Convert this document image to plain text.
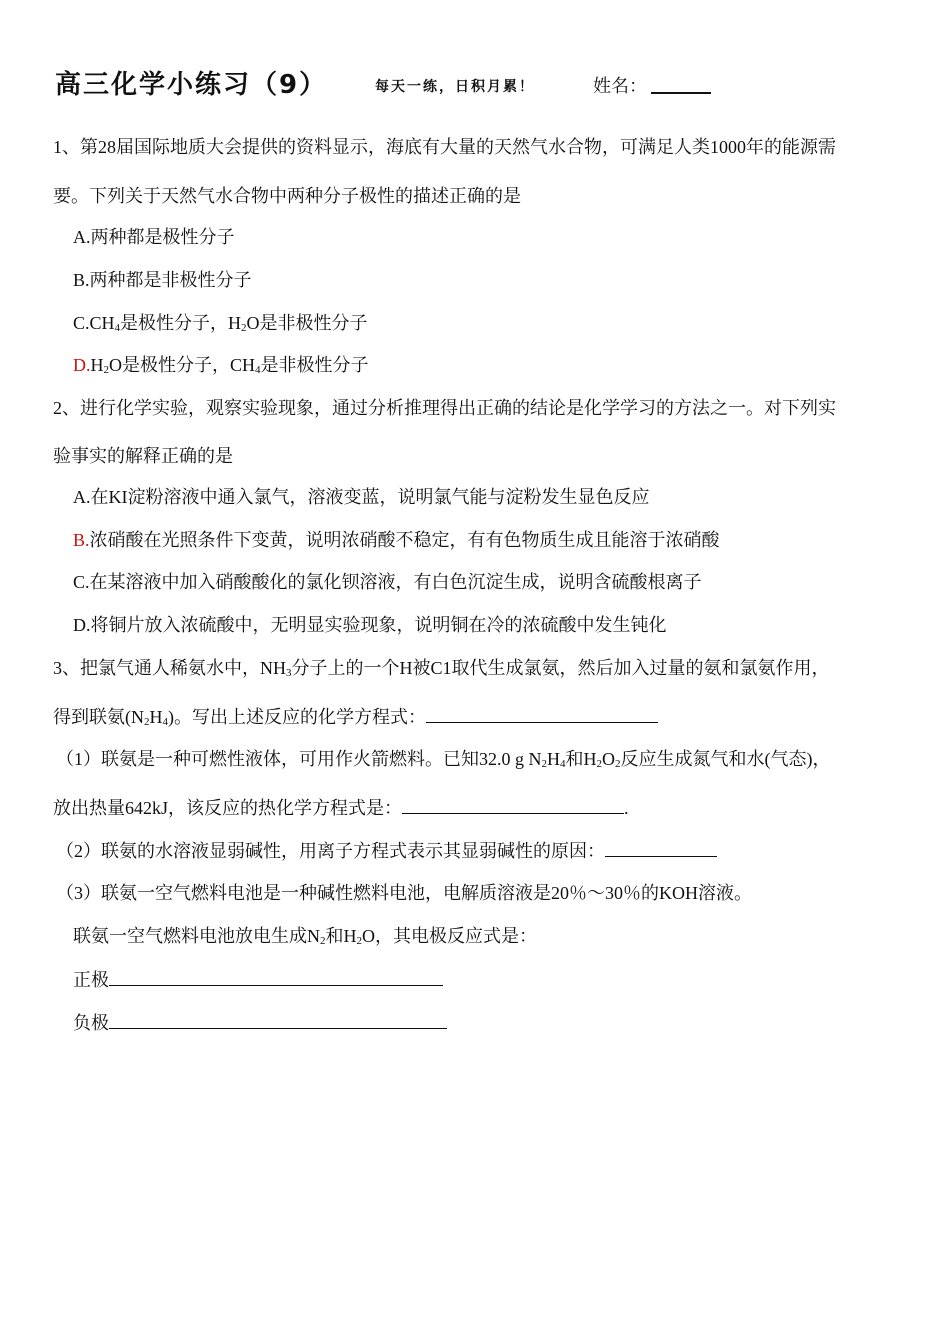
高三化学小练习（9）	每天一练，日积月累！	姓名：
1、第28届国际地质大会提供的资料显示，海底有大量的天然气水合物，可满足人类1000年的能源需
要。下列关于天然气水合物中两种分子极性的描述正确的是
A.两种都是极性分子
B.两种都是非极性分子
$C.CH_4$是极性分子，$H_2O$是非极性分子
$D.H_2O$是极性分子，$CH_4$是非极性分子
2、进行化学实验，观察实验现象，通过分析推理得出正确的结论是化学学习的方法之一。对下列实
验事实的解释正确的是
A.在KI淀粉溶液中通入氯气，溶液变蓝，说明氯气能与淀粉发生显色反应
B.浓硝酸在光照条件下变黄，说明浓硝酸不稳定，有有色物质生成且能溶于浓硝酸
C.在某溶液中加入硝酸酸化的氯化钡溶液，有白色沉淀生成，说明含硫酸根离子
D.将铜片放入浓硫酸中，无明显实验现象，说明铜在冷的浓硫酸中发生钝化
3、把氯气通人稀氨水中，$NH_3$分子上的一个H被C1取代生成氯氨，然后加入过量的氨和氯氨作用，
得到联氨$(N_2H_4)$。写出上述反应的化学方程式：
（1）联氨是一种可燃性液体，可用作火箭燃料。已知32.0 g $N_2H_4$和$H_2O_2$反应生成氮气和水(气态)，
放出热量642kJ，该反应的热化学方程式是：	.
（2）联氨的水溶液显弱碱性，用离子方程式表示其显弱碱性的原因：
（3）联氨一空气燃料电池是一种碱性燃料电池，电解质溶液是20％～30％的KOH溶液。
联氨一空气燃料电池放电生成$N_2$和$H_2O$，其电极反应式是：
正极
负极
